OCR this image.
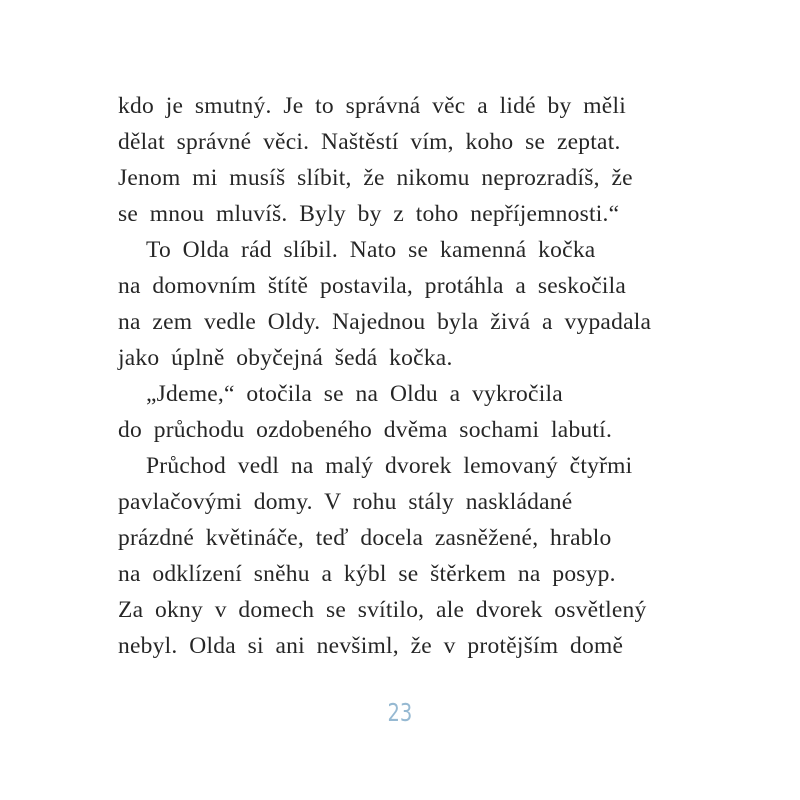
kdo je smutný. Je to správná věc a lidé by měli
dělat správné věci. Naštěstí vím, koho se zeptat.
Jenom mi musíš slíbit, že nikomu neprozradíš, že
se mnou mluvíš. Byly by z toho nepříjemnosti.“
To Olda rád slíbil. Nato se kamenná kočka
na domovním štítě postavila, protáhla a seskočila
na zem vedle Oldy. Najednou byla živá a vypadala
jako úplně obyčejná šedá kočka.
„Jdeme,“ otočila se na Oldu a vykročila
do průchodu ozdobeného dvěma sochami labutí.
Průchod vedl na malý dvorek lemovaný čtyřmi
pavlačovými domy. V rohu stály naskládané
prázdné květináče, teď docela zasněžené, hrablo
na odklízení sněhu a kýbl se štěrkem na posyp.
Za okny v domech se svítilo, ale dvorek osvětlený
nebyl. Olda si ani nevšiml, že v protějším domě
23
